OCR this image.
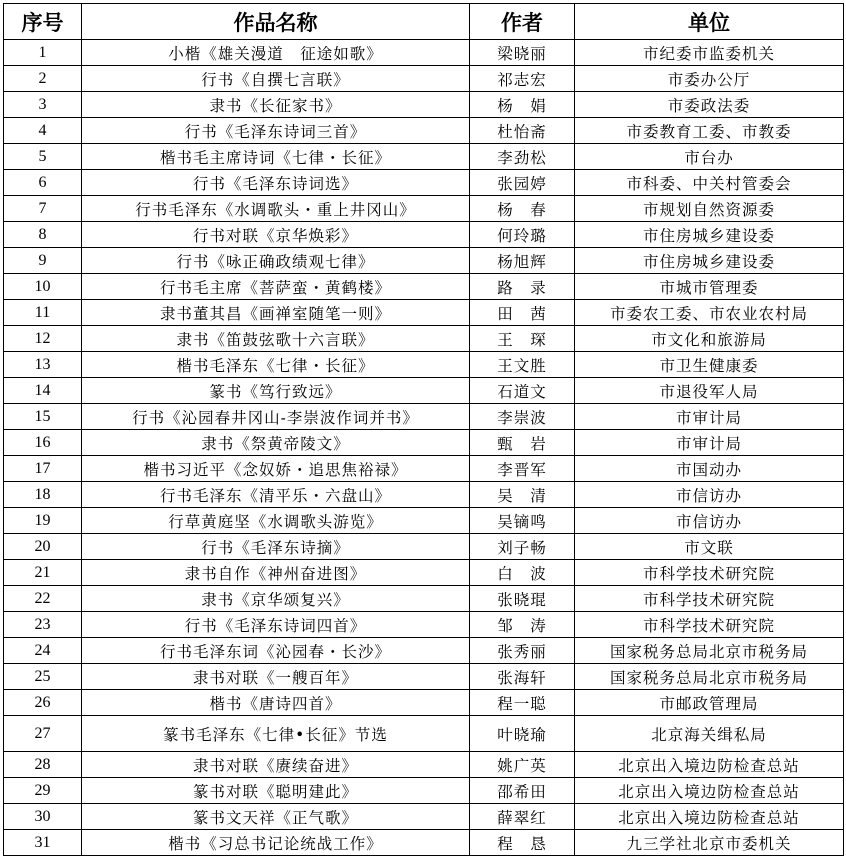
序号	作品名称	作者	单位
1	小楷《雄关漫道　征途如歌》	梁晓丽	市纪委市监委机关
2	行书《自撰七言联》	祁志宏	市委办公厅
3	隶书《长征家书》	杨　娟	市委政法委
4	行书《毛泽东诗词三首》	杜怡斋	市委教育工委、市教委
5	楷书毛主席诗词《七律・长征》	李劲松	市台办
6	行书《毛泽东诗词选》	张园婷	市科委、中关村管委会
7	行书毛泽东《水调歌头・重上井冈山》	杨　春	市规划自然资源委
8	行书对联《京华焕彩》	何玲璐	市住房城乡建设委
9	行书《咏正确政绩观七律》	杨旭辉	市住房城乡建设委
10	行书毛主席《菩萨蛮・黄鹤楼》	路　录	市城市管理委
11	隶书董其昌《画禅室随笔一则》	田　茜	市委农工委、市农业农村局
12	隶书《笛鼓弦歌十六言联》	王　琛	市文化和旅游局
13	楷书毛泽东《七律・长征》	王文胜	市卫生健康委
14	篆书《笃行致远》	石道文	市退役军人局
15	行书《沁园春井冈山-李崇波作词并书》	李崇波	市审计局
16	隶书《祭黄帝陵文》	甄　岩	市审计局
17	楷书习近平《念奴娇・追思焦裕禄》	李晋军	市国动办
18	行书毛泽东《清平乐・六盘山》	吴　清	市信访办
19	行草黄庭坚《水调歌头游览》	吴镝鸣	市信访办
20	行书《毛泽东诗摘》	刘子畅	市文联
21	隶书自作《神州奋进图》	白　波	市科学技术研究院
22	隶书《京华颂复兴》	张晓琨	市科学技术研究院
23	行书《毛泽东诗词四首》	邹　涛	市科学技术研究院
24	行书毛泽东词《沁园春・长沙》	张秀丽	国家税务总局北京市税务局
25	隶书对联《一艘百年》	张海轩	国家税务总局北京市税务局
26	楷书《唐诗四首》	程一聪	市邮政管理局
27	篆书毛泽东《七律•长征》节选	叶晓瑜	北京海关缉私局
28	隶书对联《赓续奋进》	姚广英	北京出入境边防检查总站
29	篆书对联《聪明建此》	邵希田	北京出入境边防检查总站
30	篆书文天祥《正气歌》	薛翠红	北京出入境边防检查总站
31	楷书《习总书记论统战工作》	程　恳	九三学社北京市委机关
